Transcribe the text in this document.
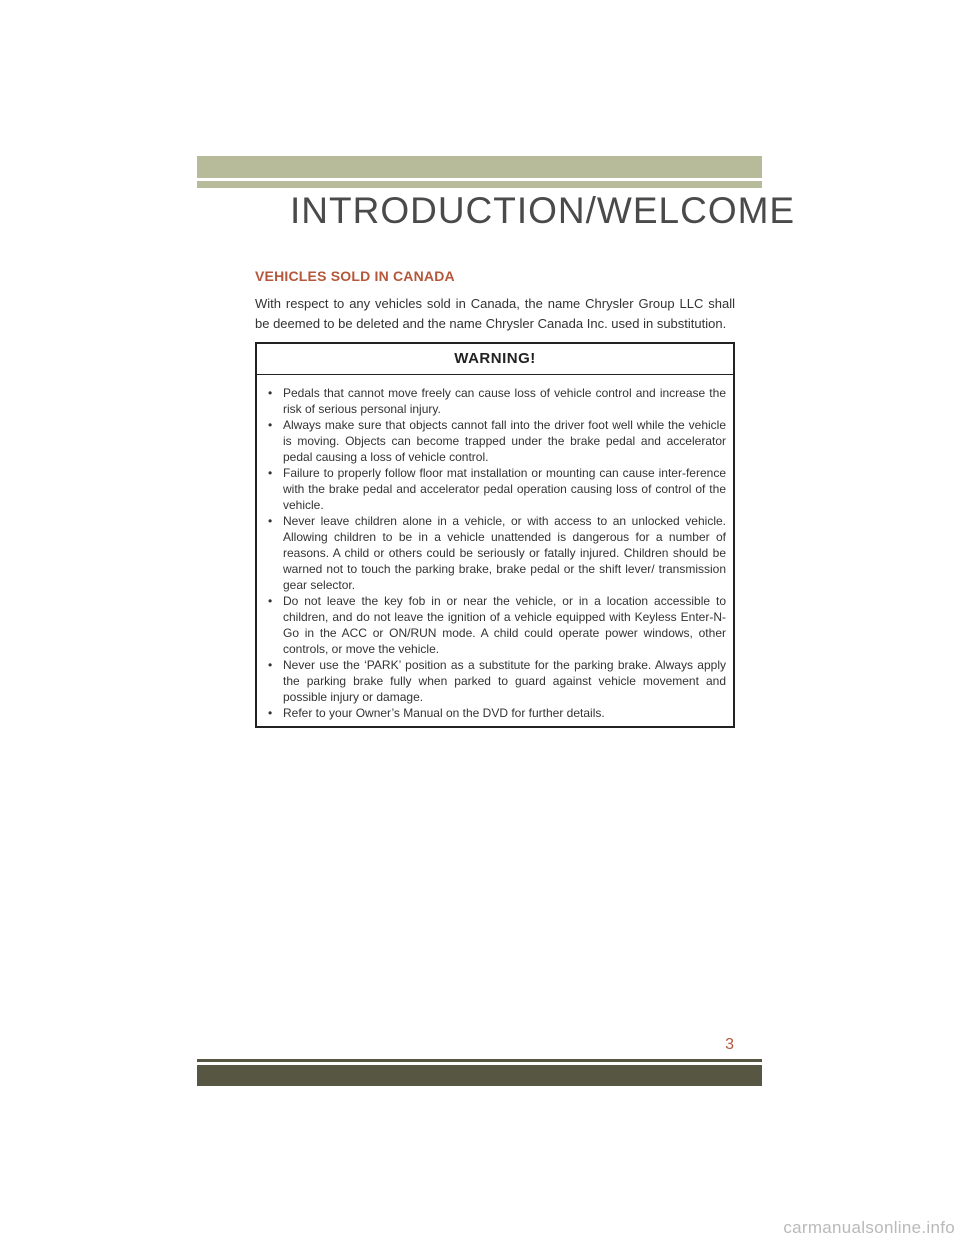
INTRODUCTION/WELCOME
VEHICLES SOLD IN CANADA
With respect to any vehicles sold in Canada, the name Chrysler Group LLC shall be deemed to be deleted and the name Chrysler Canada Inc. used in substitution.
WARNING!
• Pedals that cannot move freely can cause loss of vehicle control and increase the risk of serious personal injury.
• Always make sure that objects cannot fall into the driver foot well while the vehicle is moving. Objects can become trapped under the brake pedal and accelerator pedal causing a loss of vehicle control.
• Failure to properly follow floor mat installation or mounting can cause inter-ference with the brake pedal and accelerator pedal operation causing loss of control of the vehicle.
• Never leave children alone in a vehicle, or with access to an unlocked vehicle. Allowing children to be in a vehicle unattended is dangerous for a number of reasons. A child or others could be seriously or fatally injured. Children should be warned not to touch the parking brake, brake pedal or the shift lever/ transmission gear selector.
• Do not leave the key fob in or near the vehicle, or in a location accessible to children, and do not leave the ignition of a vehicle equipped with Keyless Enter-N-Go in the ACC or ON/RUN mode. A child could operate power windows, other controls, or move the vehicle.
• Never use the ‘PARK’ position as a substitute for the parking brake. Always apply the parking brake fully when parked to guard against vehicle movement and possible injury or damage.
• Refer to your Owner’s Manual on the DVD for further details.
3
carmanualsonline.info
